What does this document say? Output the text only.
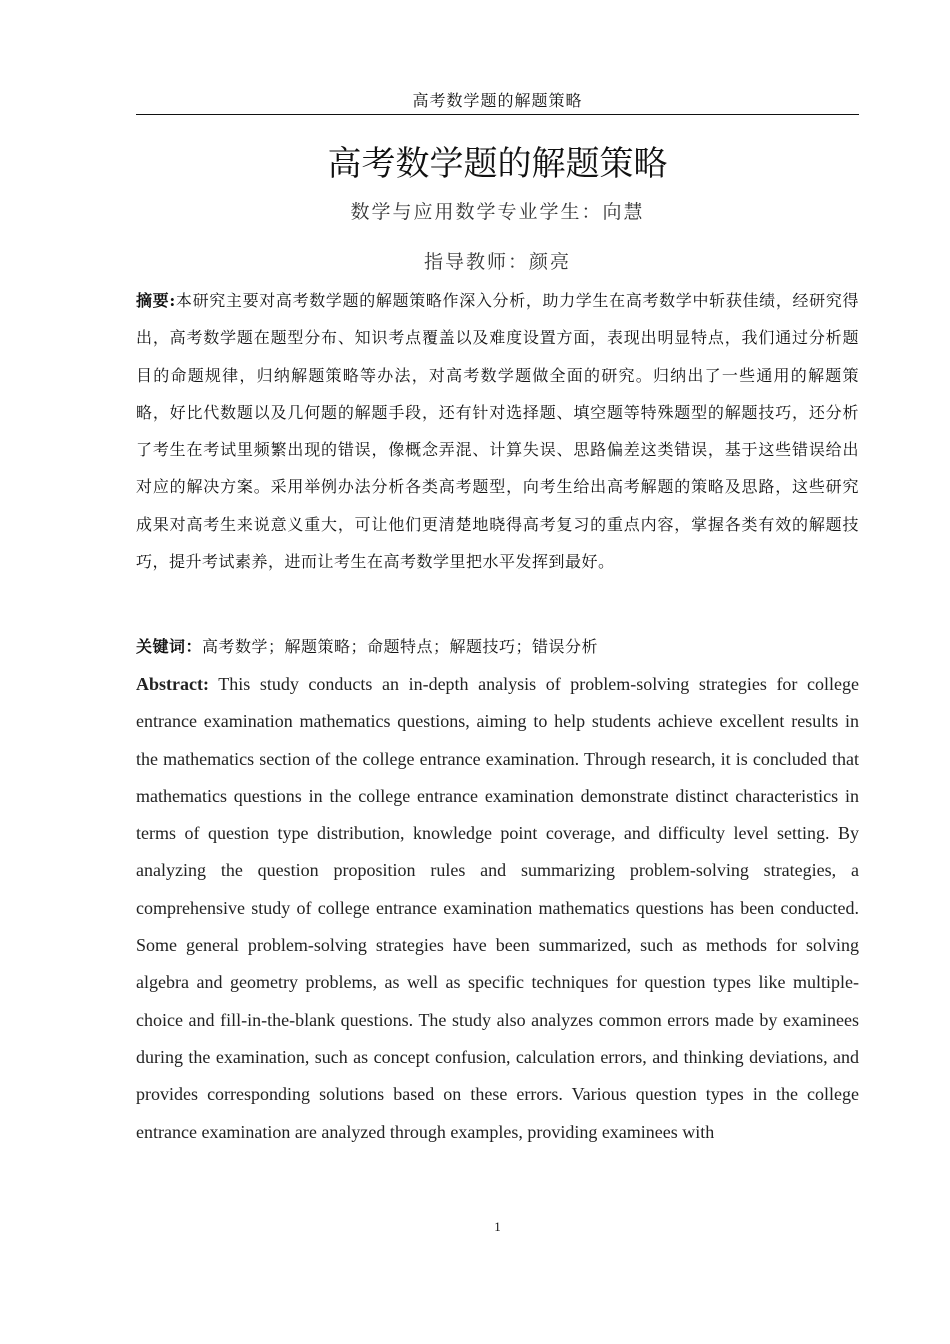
高考数学题的解题策略
高考数学题的解题策略
数学与应用数学专业学生：向慧
指导教师：颜亮

摘要:本研究主要对高考数学题的解题策略作深入分析，助力学生在高考数学中斩获佳绩，经研究得出，高考数学题在题型分布、知识考点覆盖以及难度设置方面，表现出明显特点，我们通过分析题目的命题规律，归纳解题策略等办法，对高考数学题做全面的研究。归纳出了一些通用的解题策略，好比代数题以及几何题的解题手段，还有针对选择题、填空题等特殊题型的解题技巧，还分析了考生在考试里频繁出现的错误，像概念弄混、计算失误、思路偏差这类错误，基于这些错误给出对应的解决方案。采用举例办法分析各类高考题型，向考生给出高考解题的策略及思路，这些研究成果对高考生来说意义重大，可让他们更清楚地晓得高考复习的重点内容，掌握各类有效的解题技巧，提升考试素养，进而让考生在高考数学里把水平发挥到最好。

关键词：高考数学；解题策略；命题特点；解题技巧；错误分析

Abstract: This study conducts an in-depth analysis of problem-solving strategies for college entrance examination mathematics questions, aiming to help students achieve excellent results in the mathematics section of the college entrance examination. Through research, it is concluded that mathematics questions in the college entrance examination demonstrate distinct characteristics in terms of question type distribution, knowledge point coverage, and difficulty level setting. By analyzing the question proposition rules and summarizing problem-solving strategies, a comprehensive study of college entrance examination mathematics questions has been conducted. Some general problem-solving strategies have been summarized, such as methods for solving algebra and geometry problems, as well as specific techniques for question types like multiple-choice and fill-in-the-blank questions. The study also analyzes common errors made by examinees during the examination, such as concept confusion, calculation errors, and thinking deviations, and provides corresponding solutions based on these errors. Various question types in the college entrance examination are analyzed through examples, providing examinees with

1
